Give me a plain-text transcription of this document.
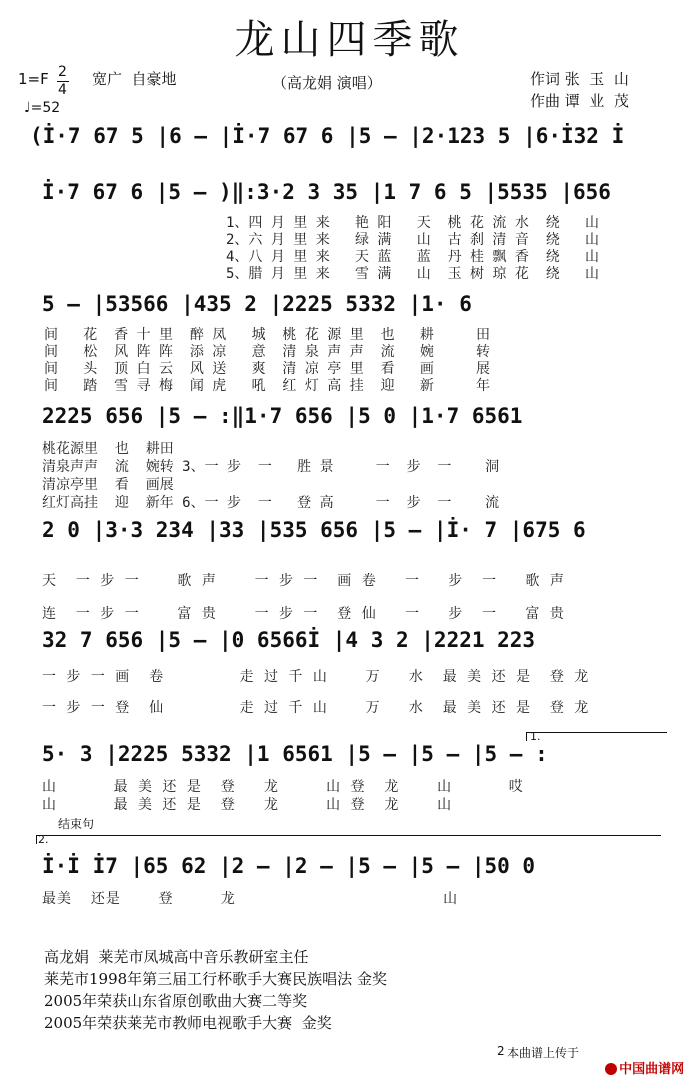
龙山四季歌
1=F 2
4
♩=52
宽广  自豪地	（高龙娟 演唱）	作词 张  玉  山
作曲 谭  业  茂
(İ·7 67 5 |6 – |İ·7 67 6 |5 – |2·123 5 |6·İ32 İ
İ·7 67 6 |5 – )‖:3·2 3 35 |1 7 6 5 |5535 |656
1、四 月 里 来   艳 阳   天  桃 花 流 水  绕   山
2、六 月 里 来   绿 满   山  古 刹 清 音  绕   山
4、八 月 里 来   天 蓝   蓝  丹 桂 飘 香  绕   山
5、腊 月 里 来   雪 满   山  玉 树 琼 花  绕   山
5 – |53566 |435 2 |2225 5332 |1· 6
间   花  香 十 里  醉 凤   城  桃 花 源 里  也   耕     田
间   松  风 阵 阵  添 凉   意  清 泉 声 声  流   婉     转
间   头  顶 白 云  风 送   爽  清 凉 亭 里  看   画     展
间   踏  雪 寻 梅  闻 虎   吼  红 灯 高 挂  迎   新     年
2225 656 |5 – :‖1·7 656 |5 0 |1·7 6561
桃花源里  也  耕田
清泉声声  流  婉转 3、一 步  一   胜 景     一  步  一    洞
清凉亭里  看  画展
红灯高挂  迎  新年 6、一 步  一   登 高     一  步  一    流
2 0 |3·3 234 |33 |535 656 |5 – |İ· 7 |675 6
天  一 步 一    歌 声    一 步 一  画 卷   一   步  一   歌 声
连  一 步 一    富 贵    一 步 一  登 仙   一   步  一   富 贵
32 7 656 |5 – |0 6566İ |4 3 2 |2221 223
一 步 一 画  卷        走 过 千 山    万   水  最 美 还 是  登 龙
一 步 一 登  仙        走 过 千 山    万   水  最 美 还 是  登 龙
1.
5· 3 |2225 5332 |1 6561 |5 – |5 – |5 – :
山      最 美 还 是  登   龙     山 登  龙    山      哎
山      最 美 还 是  登   龙     山 登  龙    山
结束句
2.
İ·İ İ7 |65 62 |2 – |2 – |5 – |5 – |50 0
最美  还是    登     龙                      山
高龙娟  莱芜市凤城高中音乐教研室主任
莱芜市1998年第三届工行杯歌手大赛民族唱法 金奖
2005年荣获山东省原创歌曲大赛二等奖
2005年荣获莱芜市教师电视歌手大赛  金奖
2 本曲谱上传于

中国曲谱网
